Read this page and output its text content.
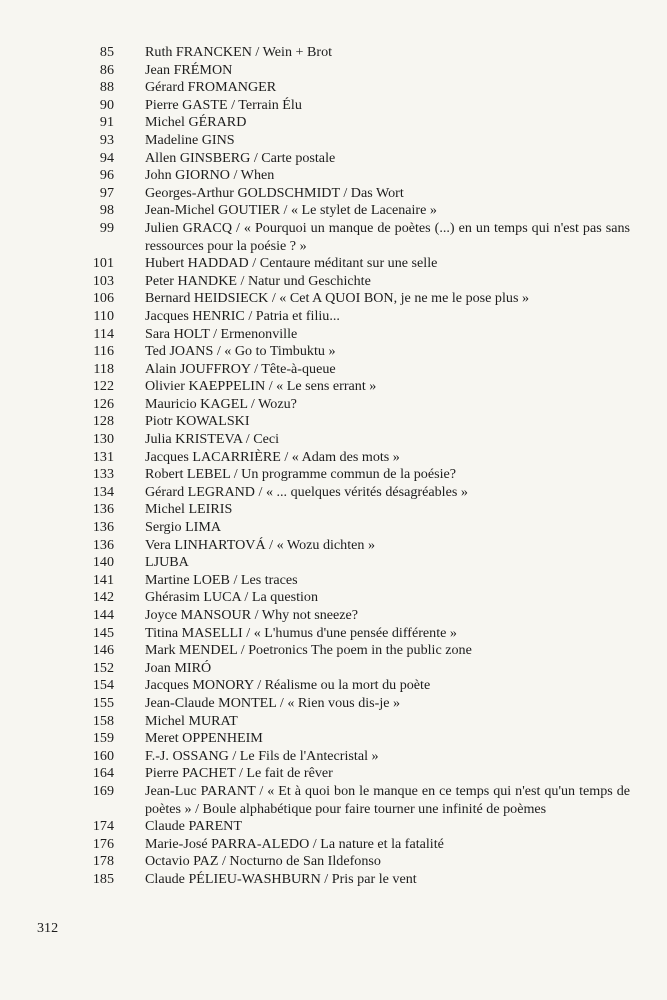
85 Ruth FRANCKEN / Wein + Brot
86 Jean FRÉMON
88 Gérard FROMANGER
90 Pierre GASTE / Terrain Élu
91 Michel GÉRARD
93 Madeline GINS
94 Allen GINSBERG / Carte postale
96 John GIORNO / When
97 Georges-Arthur GOLDSCHMIDT / Das Wort
98 Jean-Michel GOUTIER / « Le stylet de Lacenaire »
99 Julien GRACQ / « Pourquoi un manque de poètes (...) en un temps qui n'est pas sans ressources pour la poésie ? »
101 Hubert HADDAD / Centaure méditant sur une selle
103 Peter HANDKE / Natur und Geschichte
106 Bernard HEIDSIECK / « Cet A QUOI BON, je ne me le pose plus »
110 Jacques HENRIC / Patria et filiu...
114 Sara HOLT / Ermenonville
116 Ted JOANS / « Go to Timbuktu »
118 Alain JOUFFROY / Tête-à-queue
122 Olivier KAEPPELIN / « Le sens errant »
126 Mauricio KAGEL / Wozu?
128 Piotr KOWALSKI
130 Julia KRISTEVA / Ceci
131 Jacques LACARRIÈRE / « Adam des mots »
133 Robert LEBEL / Un programme commun de la poésie?
134 Gérard LEGRAND / « ... quelques vérités désagréables »
136 Michel LEIRIS
136 Sergio LIMA
136 Vera LINHARTOVÁ / « Wozu dichten »
140 LJUBA
141 Martine LOEB / Les traces
142 Ghérasim LUCA / La question
144 Joyce MANSOUR / Why not sneeze?
145 Titina MASELLI / « L'humus d'une pensée différente »
146 Mark MENDEL / Poetronics The poem in the public zone
152 Joan MIRÓ
154 Jacques MONORY / Réalisme ou la mort du poète
155 Jean-Claude MONTEL / « Rien vous dis-je »
158 Michel MURAT
159 Meret OPPENHEIM
160 F.-J. OSSANG / Le Fils de l'Antecristal »
164 Pierre PACHET / Le fait de rêver
169 Jean-Luc PARANT / « Et à quoi bon le manque en ce temps qui n'est qu'un temps de poètes » / Boule alphabétique pour faire tourner une infinité de poèmes
174 Claude PARENT
176 Marie-José PARRA-ALEDO / La nature et la fatalité
178 Octavio PAZ / Nocturno de San Ildefonso
185 Claude PÉLIEU-WASHBURN / Pris par le vent
312
